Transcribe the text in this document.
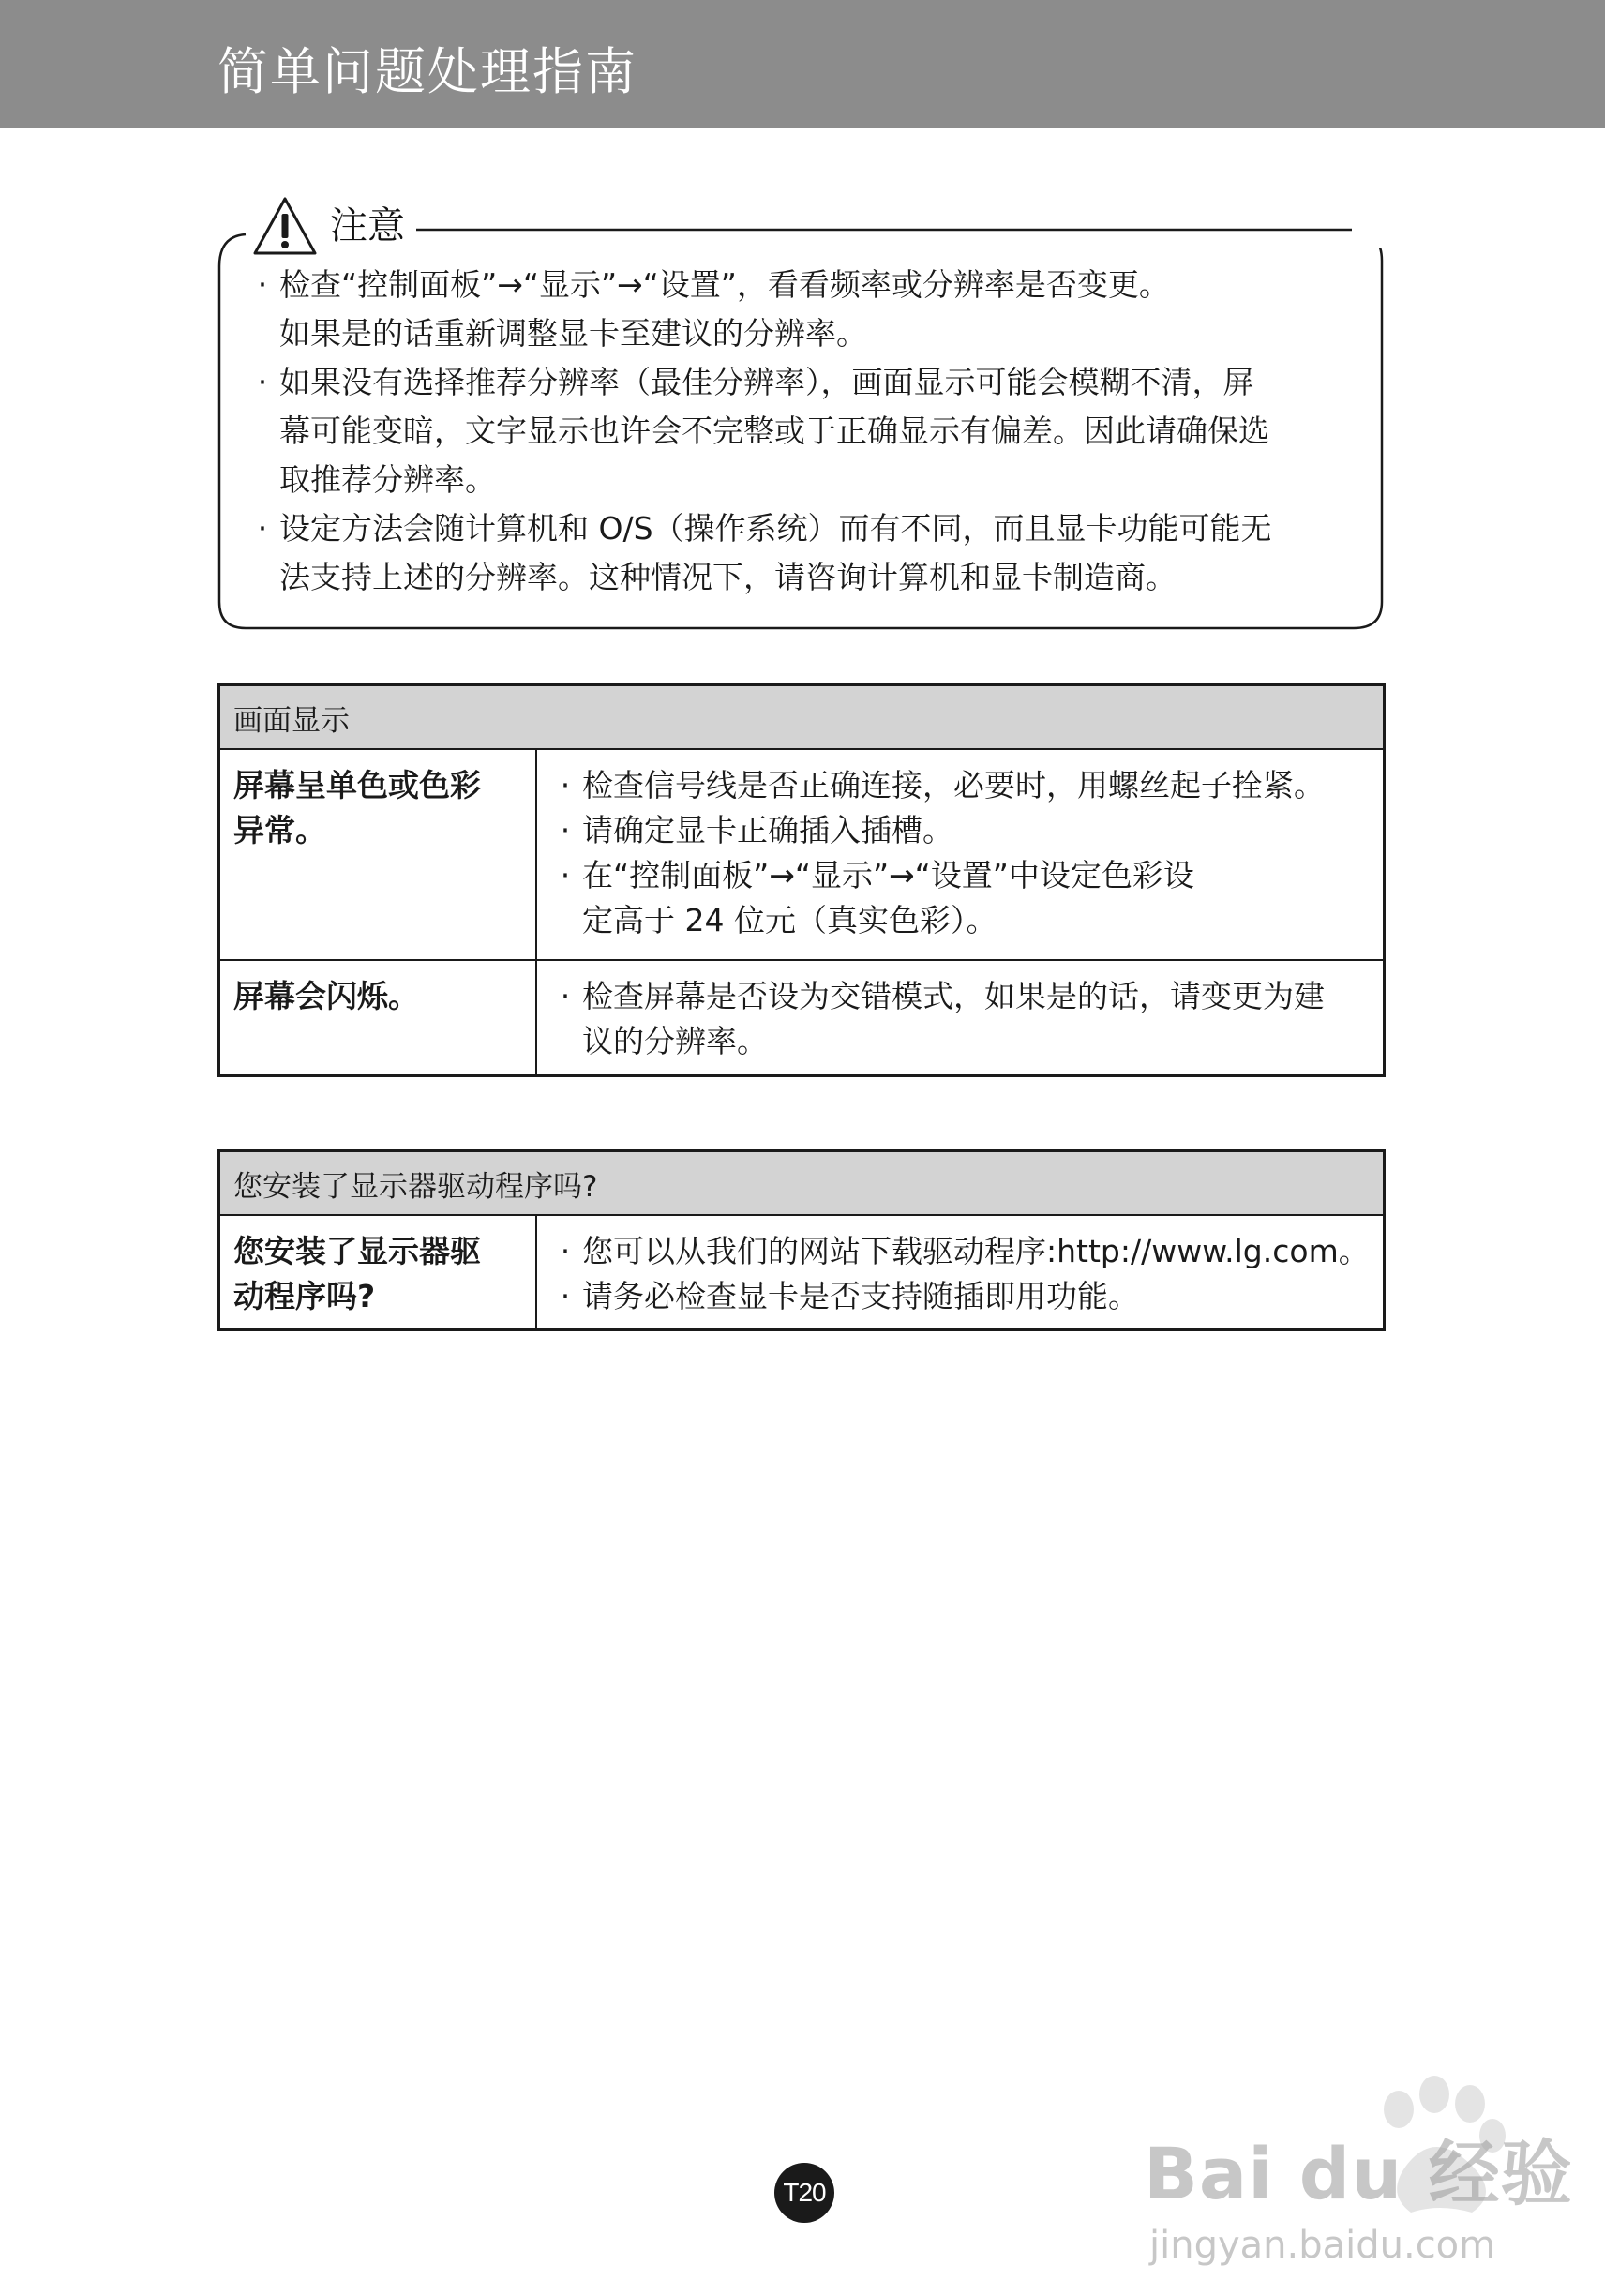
简单问题处理指南
注意
· 检查“控制面板”→“显示”→“设置”，看看频率或分辨率是否变更。
如果是的话重新调整显卡至建议的分辨率。
· 如果没有选择推荐分辨率（最佳分辨率），画面显示可能会模糊不清，屏
幕可能变暗，文字显示也许会不完整或于正确显示有偏差。因此请确保选
取推荐分辨率。
· 设定方法会随计算机和 O/S（操作系统）而有不同，而且显卡功能可能无
法支持上述的分辨率。这种情况下，请咨询计算机和显卡制造商。
画面显示
屏幕呈单色或色彩
异常。
· 检查信号线是否正确连接，必要时，用螺丝起子拴紧。
· 请确定显卡正确插入插槽。
· 在“控制面板”→“显示”→“设置”中设定色彩设
定高于 24 位元（真实色彩）。
屏幕会闪烁。	· 检查屏幕是否设为交错模式，如果是的话，请变更为建
议的分辨率。
您安装了显示器驱动程序吗?
您安装了显示器驱
动程序吗?
· 您可以从我们的网站下载驱动程序:http://www.lg.com。
· 请务必检查显卡是否支持随插即用功能。
T20	Bai du 经验
jingyan.baidu.com
